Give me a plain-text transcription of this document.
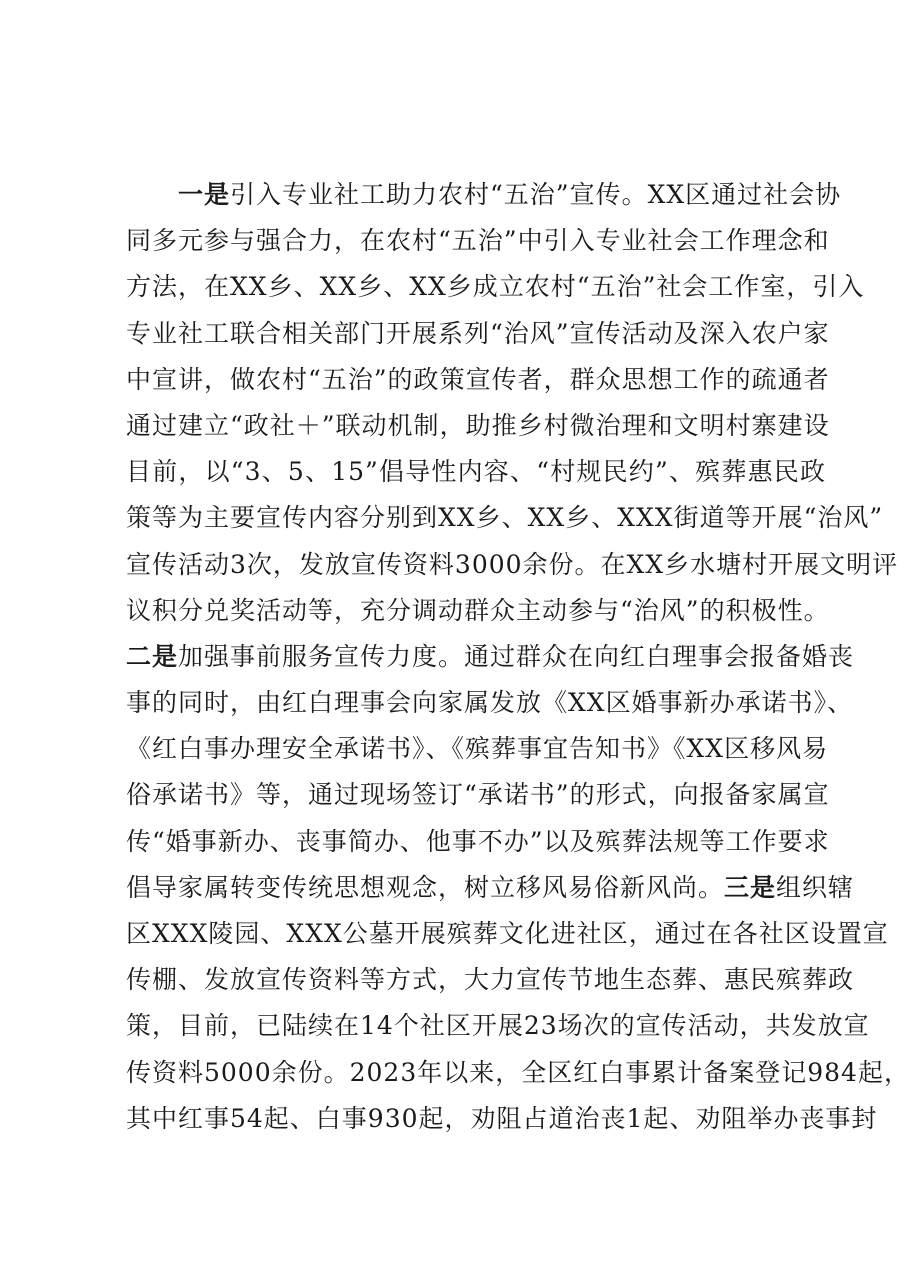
一是引入专业社工助力农村“五治”宣传。XX区通过社会协
同多元参与强合力，在农村“五治”中引入专业社会工作理念和
方法，在XX乡、XX乡、XX乡成立农村“五治”社会工作室，引入
专业社工联合相关部门开展系列“治风”宣传活动及深入农户家
中宣讲，做农村“五治”的政策宣传者，群众思想工作的疏通者
通过建立“政社＋”联动机制，助推乡村微治理和文明村寨建设
目前，以“3、5、15”倡导性内容、“村规民约”、殡葬惠民政
策等为主要宣传内容分别到XX乡、XX乡、XXX街道等开展“治风”
宣传活动3次，发放宣传资料3000余份。在XX乡水塘村开展文明评
议积分兑奖活动等，充分调动群众主动参与“治风”的积极性。
二是加强事前服务宣传力度。通过群众在向红白理事会报备婚丧
事的同时，由红白理事会向家属发放《XX区婚事新办承诺书》、
《红白事办理安全承诺书》、《殡葬事宜告知书》《XX区移风易
俗承诺书》等，通过现场签订“承诺书”的形式，向报备家属宣
传“婚事新办、丧事简办、他事不办”以及殡葬法规等工作要求
倡导家属转变传统思想观念，树立移风易俗新风尚。三是组织辖
区XXX陵园、XXX公墓开展殡葬文化进社区，通过在各社区设置宣
传棚、发放宣传资料等方式，大力宣传节地生态葬、惠民殡葬政
策，目前，已陆续在14个社区开展23场次的宣传活动，共发放宣
传资料5000余份。2023年以来，全区红白事累计备案登记984起，
其中红事54起、白事930起，劝阻占道治丧1起、劝阻举办丧事封
